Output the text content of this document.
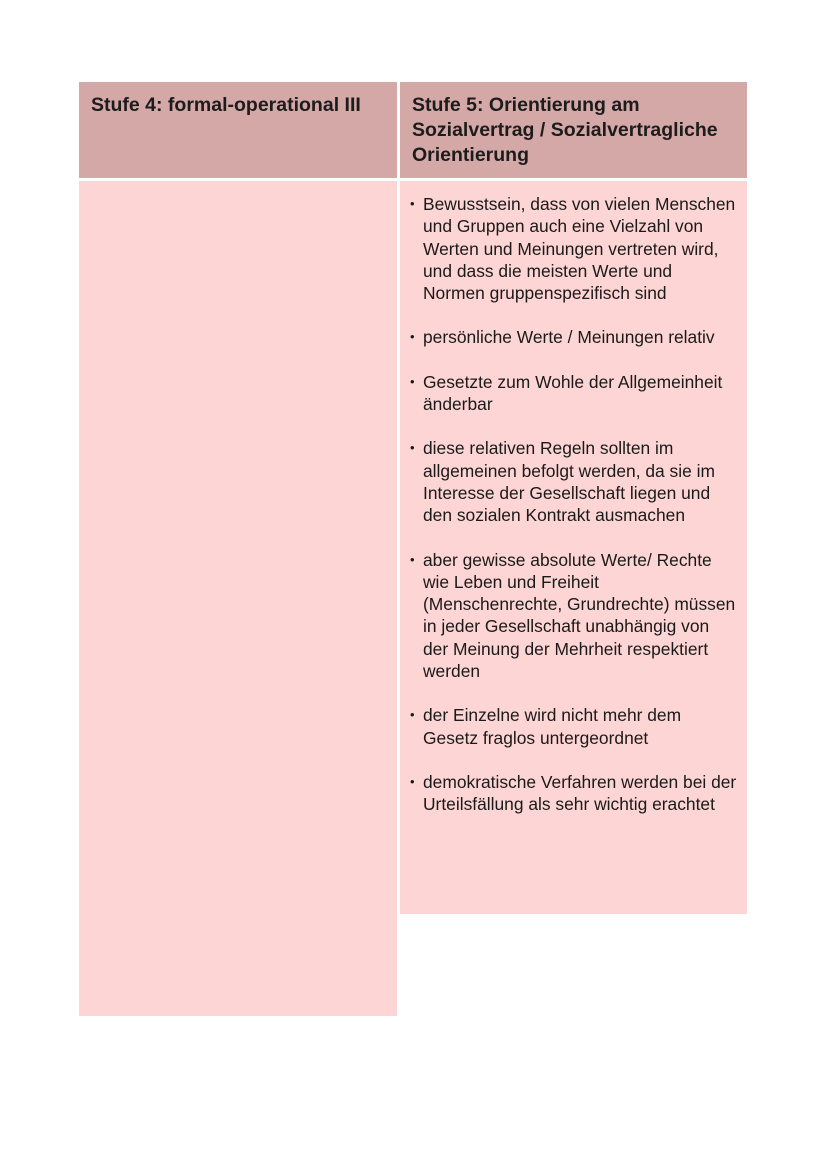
Stufe 4: formal-operational III	Stufe 5: Orientierung am Sozialvertrag / Sozialvertragliche Orientierung
• Bewusstsein, dass von vielen Menschen und Gruppen auch eine Vielzahl von Werten und Meinungen vertreten wird, und dass die meisten Werte und Normen gruppenspezifisch sind
• persönliche Werte / Meinungen relativ
• Gesetzte zum Wohle der Allgemeinheit änderbar
• diese relativen Regeln sollten im allgemeinen befolgt werden, da sie im Interesse der Gesellschaft liegen und den sozialen Kontrakt ausmachen
• aber gewisse absolute Werte/ Rechte wie Leben und Freiheit (Menschenrechte, Grundrechte) müssen in jeder Gesellschaft unabhängig von der Meinung der Mehrheit respektiert werden
• der Einzelne wird nicht mehr dem Gesetz fraglos untergeordnet
• demokratische Verfahren werden bei der Urteilsfällung als sehr wichtig erachtet
